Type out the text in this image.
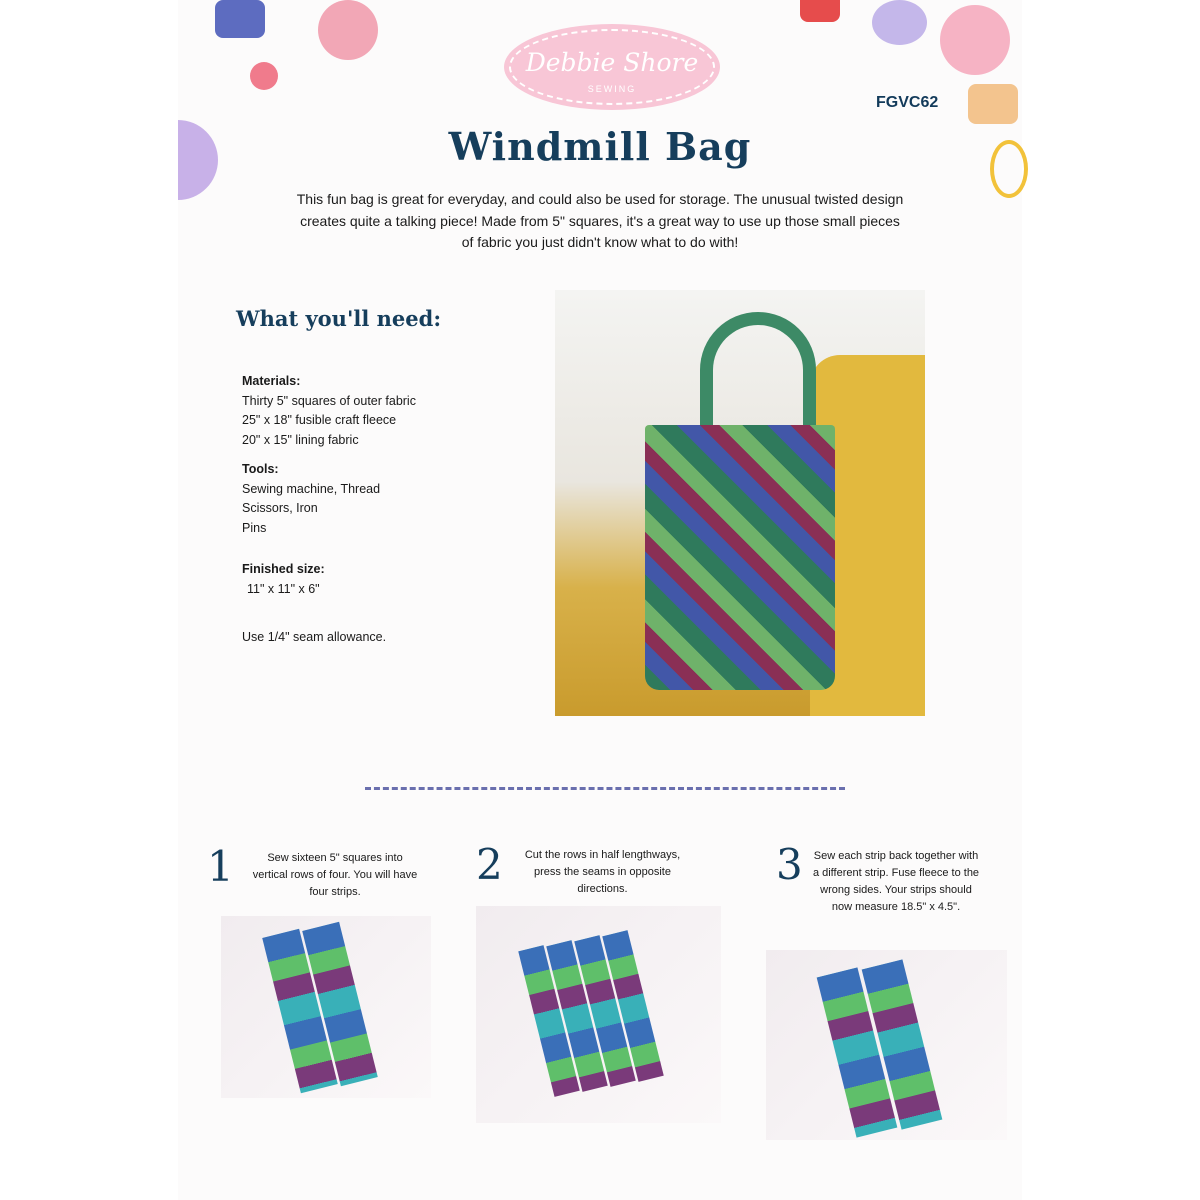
Debbie Shore
SEWING
FGVC62
Windmill Bag
This fun bag is great for everyday, and could also be used for storage. The unusual twisted design creates quite a talking piece! Made from 5" squares, it's a great way to use up those small pieces of fabric you just didn't know what to do with!
What you'll need:
Materials:
Thirty 5" squares of outer fabric
25" x 18" fusible craft fleece
20" x 15" lining fabric
Tools:
Sewing machine, Thread
Scissors, Iron
Pins
Finished size:
11" x 11" x 6"
Use 1/4" seam allowance.
1	Sew sixteen 5" squares into vertical rows of four. You will have four strips.
2	Cut the rows in half lengthways, press the seams in opposite directions.	3	Sew each strip back together with a different strip. Fuse fleece to the wrong sides. Your strips should now measure 18.5" x 4.5".
